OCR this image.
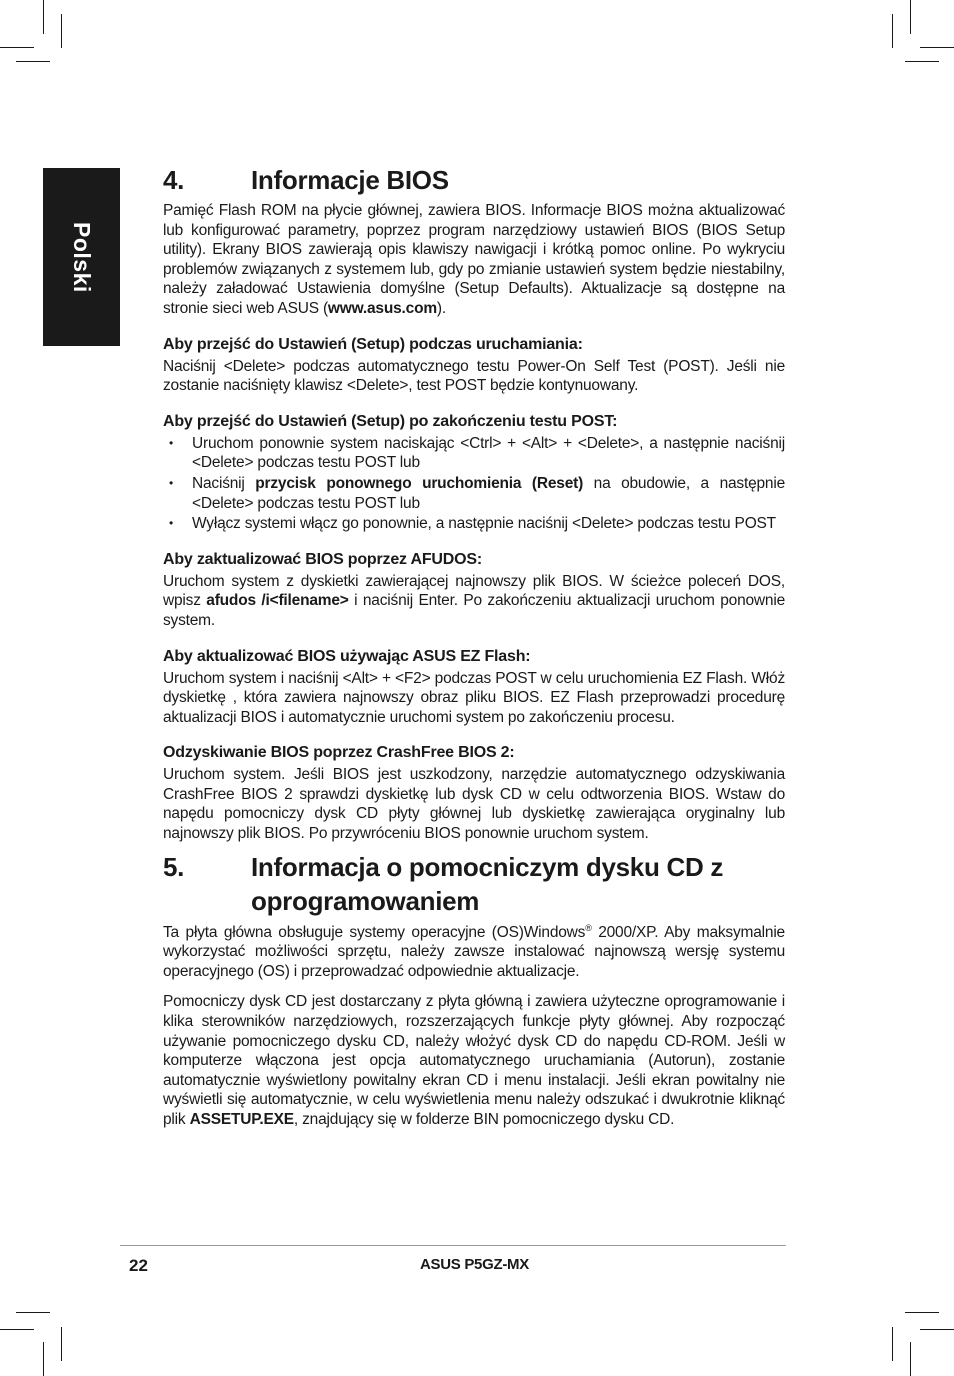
Polski
4.	Informacje BIOS

Pamięć Flash ROM na płycie głównej, zawiera BIOS. Informacje BIOS można aktualizować lub konfigurować parametry, poprzez program narzędziowy ustawień BIOS (BIOS Setup utility). Ekrany BIOS zawierają opis klawiszy nawigacji i krótką pomoc online. Po wykryciu problemów związanych z systemem lub, gdy po zmianie ustawień system będzie niestabilny, należy załadować Ustawienia domyślne (Setup Defaults). Aktualizacje są dostępne na stronie sieci web ASUS (www.asus.com).

Aby przejść do Ustawień (Setup) podczas uruchamiania:

Naciśnij <Delete> podczas automatycznego testu Power-On Self Test (POST). Jeśli nie zostanie naciśnięty klawisz <Delete>, test POST będzie kontynuowany.

Aby przejść do Ustawień (Setup) po zakończeniu testu POST:
• Uruchom ponownie system naciskając <Ctrl> + <Alt> + <Delete>, a następnie naciśnij <Delete> podczas testu POST lub
• Naciśnij przycisk ponownego uruchomienia (Reset) na obudowie, a następnie <Delete> podczas testu POST lub
• Wyłącz systemi włącz go ponownie, a następnie naciśnij <Delete> podczas testu POST
Aby zaktualizować BIOS poprzez AFUDOS:

Uruchom system z dyskietki zawierającej najnowszy plik BIOS. W ścieżce poleceń DOS, wpisz afudos /i<filename> i naciśnij Enter. Po zakończeniu aktualizacji uruchom ponownie system.

Aby aktualizować BIOS używając ASUS EZ Flash:

Uruchom system i naciśnij <Alt> + <F2> podczas POST w celu uruchomienia EZ Flash. Włóż dyskietkę , która zawiera najnowszy obraz pliku BIOS. EZ Flash przeprowadzi procedurę aktualizacji BIOS i automatycznie uruchomi system po zakończeniu procesu.

Odzyskiwanie BIOS poprzez CrashFree BIOS 2:

Uruchom system. Jeśli BIOS jest uszkodzony, narzędzie automatycznego odzyskiwania CrashFree BIOS 2 sprawdzi dyskietkę lub dysk CD w celu odtworzenia BIOS. Wstaw do napędu pomocniczy dysk CD płyty głównej lub dyskietkę zawierająca oryginalny lub najnowszy plik BIOS. Po przywróceniu BIOS ponownie uruchom system.

5.	Informacja o pomocniczym dysku CD z oprogramowaniem

Ta płyta główna obsługuje systemy operacyjne (OS)Windows® 2000/XP. Aby maksymalnie wykorzystać możliwości sprzętu, należy zawsze instalować najnowszą wersję systemu operacyjnego (OS) i przeprowadzać odpowiednie aktualizacje.

Pomocniczy dysk CD jest dostarczany z płyta główną i zawiera użyteczne oprogramowanie i klika sterowników narzędziowych, rozszerzających funkcje płyty głównej. Aby rozpocząć używanie pomocniczego dysku CD, należy włożyć dysk CD do napędu CD-ROM. Jeśli w komputerze włączona jest opcja automatycznego uruchamiania (Autorun), zostanie automatycznie wyświetlony powitalny ekran CD i menu instalacji. Jeśli ekran powitalny nie wyświetli się automatycznie, w celu wyświetlenia menu należy odszukać i dwukrotnie kliknąć plik ASSETUP.EXE, znajdujący się w folderze BIN pomocniczego dysku CD.

22	ASUS P5GZ-MX
